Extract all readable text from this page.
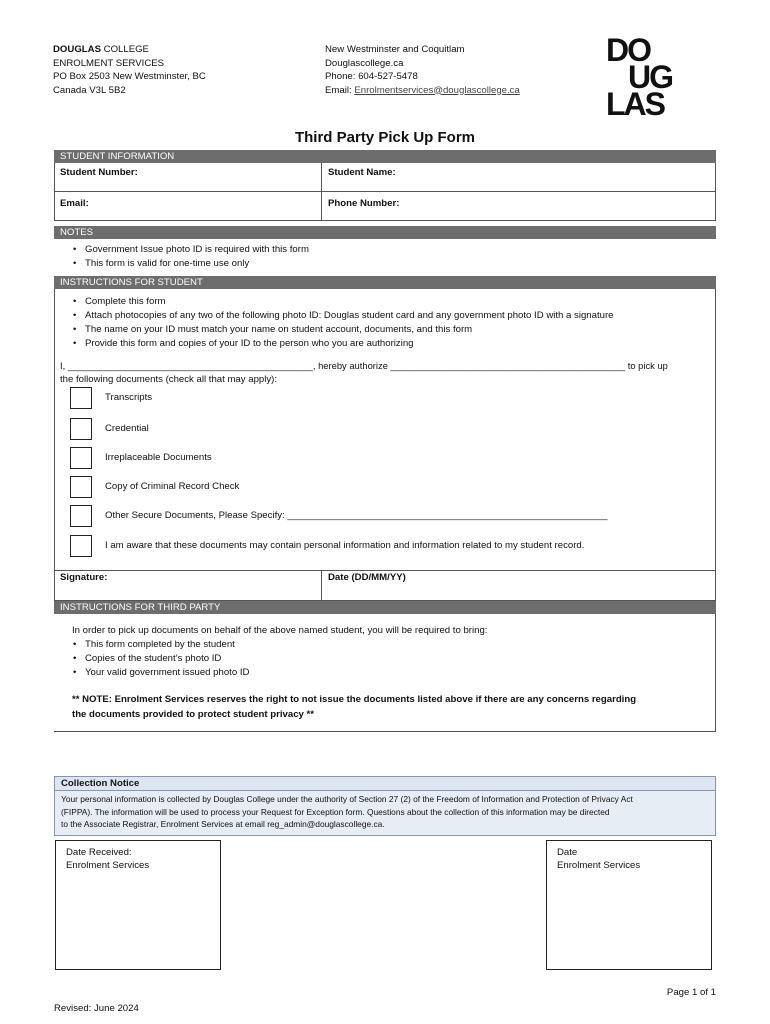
DOUGLAS COLLEGE
ENROLMENT SERVICES
PO Box 2503 New Westminster, BC
Canada V3L 5B2
New Westminster and Coquitlam
Douglascollege.ca
Phone: 604-527-5478
Email: Enrolmentservices@douglascollege.ca
DO
UG
LAS
Third Party Pick Up Form
STUDENT INFORMATION
Student Number:	Student Name:
Email:	Phone Number:
NOTES
• Government Issue photo ID is required with this form
• This form is valid for one-time use only
INSTRUCTIONS FOR STUDENT
Signature:	Date (DD/MM/YY)
• Complete this form
• Attach photocopies of any two of the following photo ID: Douglas student card and any government photo ID with a signature
• The name on your ID must match your name on student account, documents, and this form
• Provide this form and copies of your ID to the person who you are authorizing
I, _______________________________________________, hereby authorize _____________________________________________ to pick up
the following documents (check all that may apply):
Transcripts
Credential
Irreplaceable Documents
Copy of Criminal Record Check
Other Secure Documents, Please Specify: ____________________________________________________________
I am aware that these documents may contain personal information and information related to my student record.
INSTRUCTIONS FOR THIRD PARTY
In order to pick up documents on behalf of the above named student, you will be required to bring:
• This form completed by the student
• Copies of the student’s photo ID
• Your valid government issued photo ID
** NOTE: Enrolment Services reserves the right to not issue the documents listed above if there are any concerns regarding
the documents provided to protect student privacy **
Collection Notice
Your personal information is collected by Douglas College under the authority of Section 27 (2) of the Freedom of Information and Protection of Privacy Act
(FIPPA). The information will be used to process your Request for Exception form. Questions about the collection of this information may be directed
to the Associate Registrar, Enrolment Services at email reg_admin@douglascollege.ca.
Date Received:
Enrolment Services
Date
Enrolment Services
Page 1 of 1
Revised: June 2024
